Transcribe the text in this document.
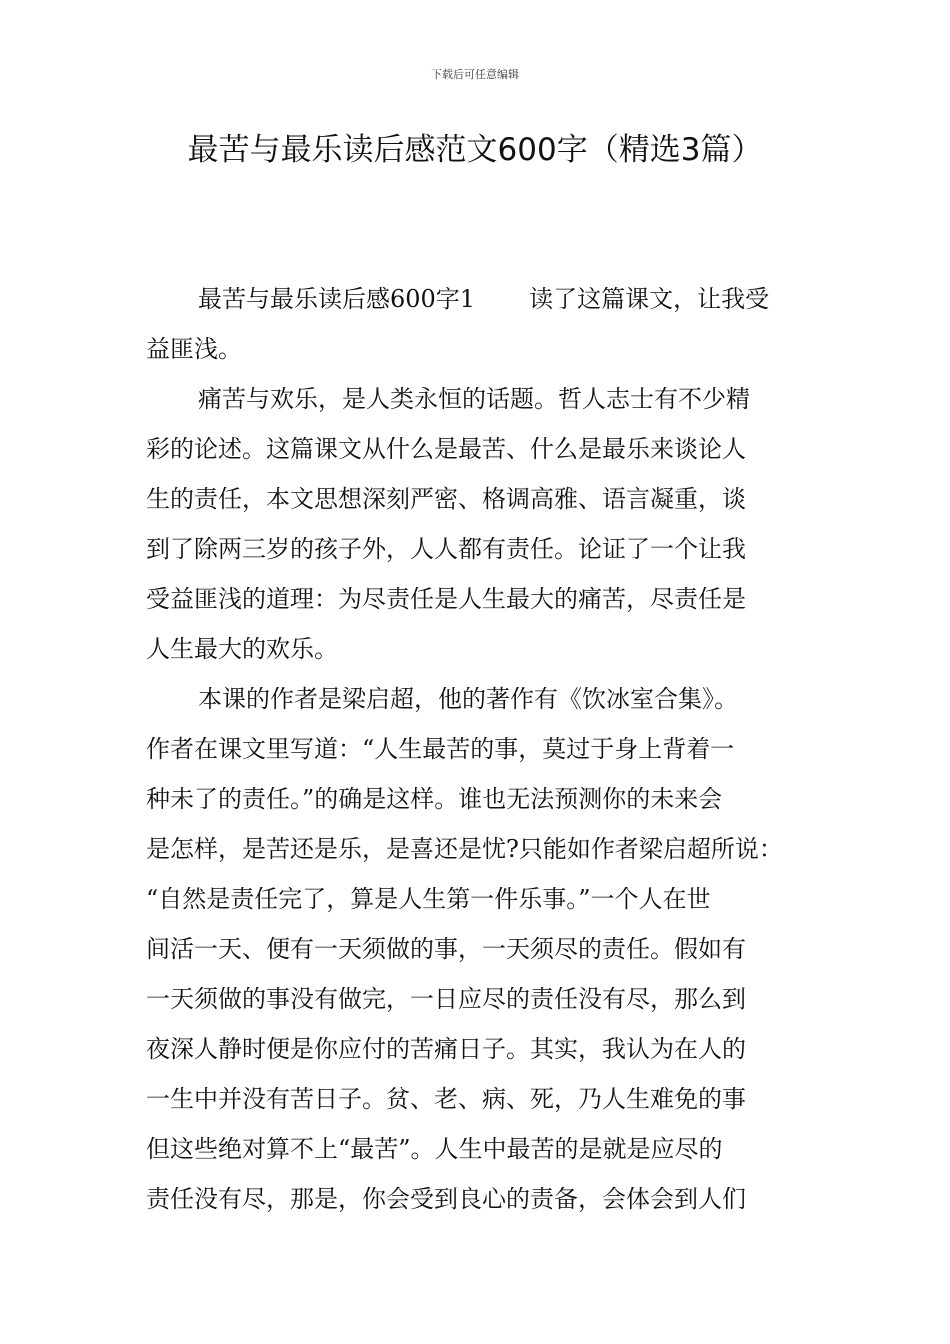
下载后可任意编辑
最苦与最乐读后感范文600字（精选3篇）
最苦与最乐读后感600字1 读了这篇课文，让我受
益匪浅。
痛苦与欢乐，是人类永恒的话题。哲人志士有不少精
彩的论述。这篇课文从什么是最苦、什么是最乐来谈论人
生的责任，本文思想深刻严密、格调高雅、语言凝重，谈
到了除两三岁的孩子外，人人都有责任。论证了一个让我
受益匪浅的道理：为尽责任是人生最大的痛苦，尽责任是
人生最大的欢乐。
本课的作者是梁启超，他的著作有《饮冰室合集》。
作者在课文里写道：“人生最苦的事，莫过于身上背着一
种未了的责任。”的确是这样。谁也无法预测你的未来会
是怎样，是苦还是乐，是喜还是忧?只能如作者梁启超所说：
“自然是责任完了，算是人生第一件乐事。”一个人在世
间活一天、便有一天须做的事，一天须尽的责任。假如有
一天须做的事没有做完，一日应尽的责任没有尽，那么到
夜深人静时便是你应付的苦痛日子。其实，我认为在人的
一生中并没有苦日子。贫、老、病、死，乃人生难免的事
但这些绝对算不上“最苦”。人生中最苦的是就是应尽的
责任没有尽，那是，你会受到良心的责备，会体会到人们
